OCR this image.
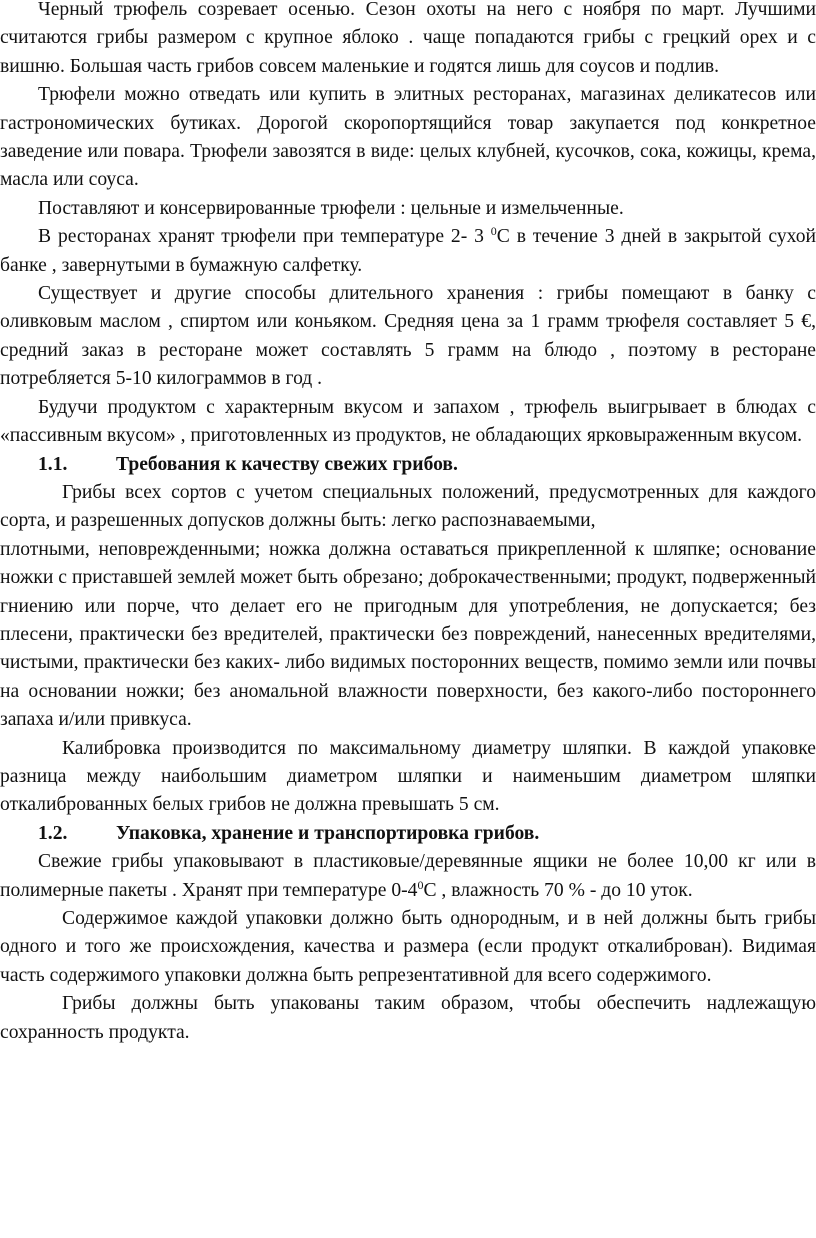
Черный трюфель созревает осенью. Сезон охоты на него с ноября по март. Лучшими считаются грибы размером с крупное яблоко . чаще попадаются грибы с грецкий орех и с вишню. Большая часть грибов совсем маленькие и годятся лишь для соусов и подлив.

Трюфели можно отведать или купить в элитных ресторанах, магазинах деликатесов или гастрономических бутиках. Дорогой скоропортящийся товар закупается под конкретное заведение или повара. Трюфели завозятся в виде: целых клубней, кусочков, сока, кожицы, крема, масла или соуса.

Поставляют и консервированные трюфели : цельные и измельченные.

В ресторанах хранят трюфели при температуре 2- 3 $^0$C в течение 3 дней в закрытой сухой банке , завернутыми в бумажную салфетку.

Существует и другие способы длительного хранения : грибы помещают в банку с оливковым маслом , спиртом или коньяком. Средняя цена за 1 грамм трюфеля составляет 5 €, средний заказ в ресторане может составлять 5 грамм на блюдо , поэтому в ресторане потребляется 5-10 килограммов в год .

Будучи продуктом с характерным вкусом и запахом , трюфель выигрывает в блюдах с «пассивным вкусом» , приготовленных из продуктов, не обладающих ярковыраженным вкусом.

1.1.	Требования к качеству свежих грибов.

Грибы всех сортов с учетом специальных положений, предусмотренных для каждого сорта, и разрешенных допусков должны быть: легко распознаваемыми,

плотными, неповрежденными; ножка должна оставаться прикрепленной к шляпке; основание ножки с приставшей землей может быть обрезано; доброкачественными; продукт, подверженный гниению или порче, что делает его не пригодным для употребления, не допускается; без плесени, практически без вредителей, практически без повреждений, нанесенных вредителями, чистыми, практически без каких- либо видимых посторонних веществ, помимо земли или почвы на основании ножки; без аномальной влажности поверхности, без какого-либо постороннего запаха и/или привкуса.

Калибровка производится по максимальному диаметру шляпки. В каждой упаковке разница между наибольшим диаметром шляпки и наименьшим диаметром шляпки откалиброванных белых грибов не должна превышать 5 см.

1.2.	Упаковка, хранение и транспортировка грибов.

Свежие грибы упаковывают в пластиковые/деревянные ящики не более 10,00 кг или в полимерные пакеты . Хранят при температуре $0-4^0C$ , влажность 70 % - до 10 уток.

Содержимое каждой упаковки должно быть однородным, и в ней должны быть грибы одного и того же происхождения, качества и размера (если продукт откалиброван). Видимая часть содержимого упаковки должна быть репрезентативной для всего содержимого.

Грибы должны быть упакованы таким образом, чтобы обеспечить надлежащую сохранность продукта.
